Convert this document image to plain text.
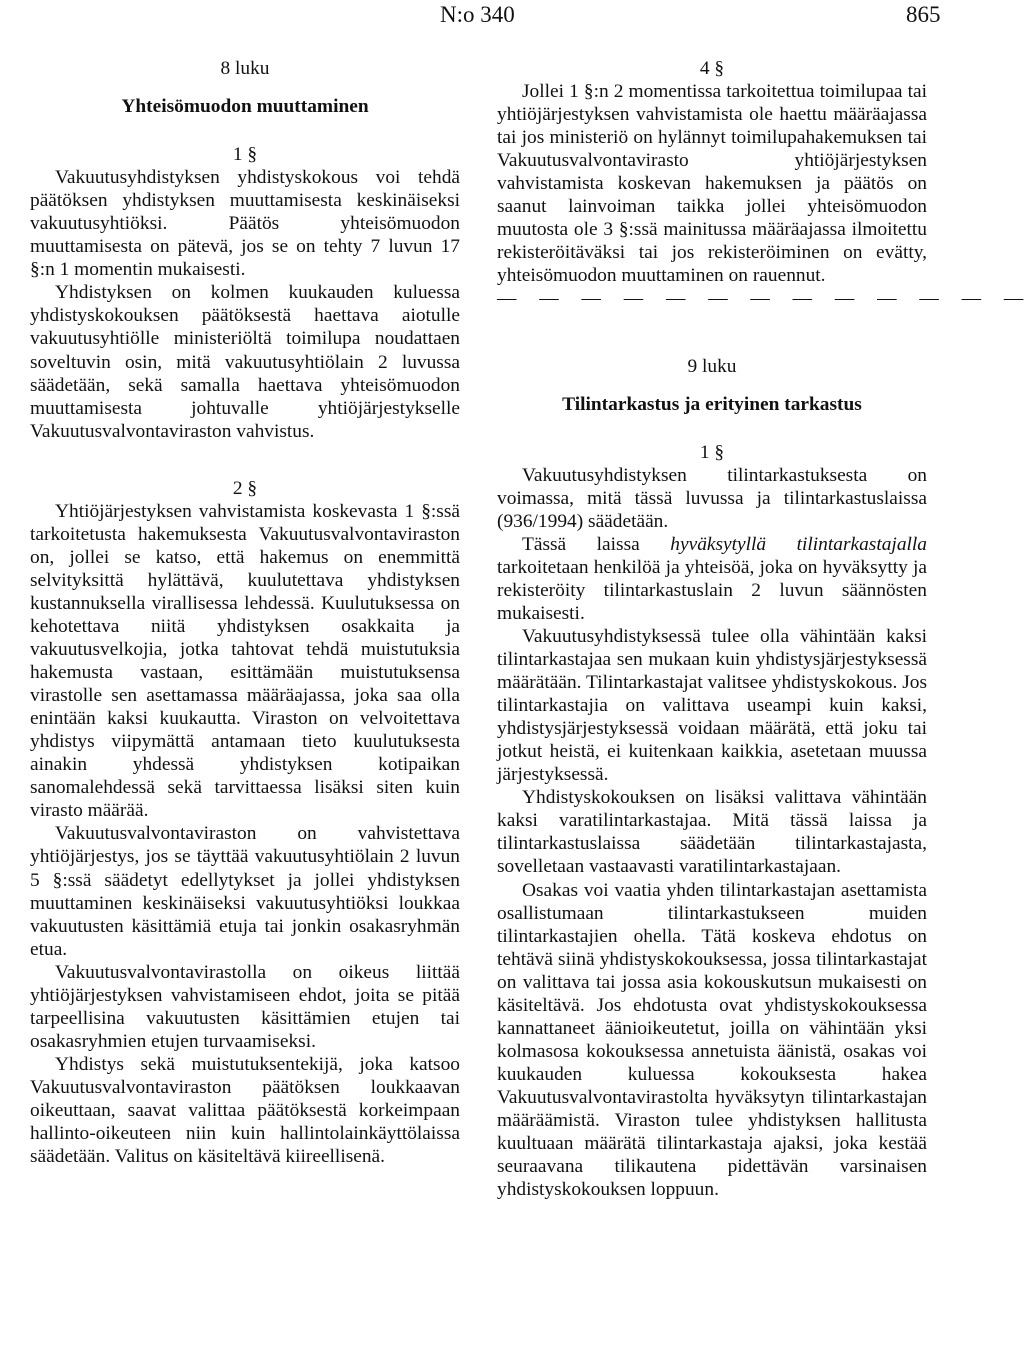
N:o 340	865
8 luku
Yhteisömuodon muuttaminen
1 §

Vakuutusyhdistyksen yhdistyskokous voi tehdä päätöksen yhdistyksen muuttamisesta keskinäiseksi vakuutusyhtiöksi. Päätös yhteisömuodon muuttamisesta on pätevä, jos se on tehty 7 luvun 17 §:n 1 momentin mukaisesti.

Yhdistyksen on kolmen kuukauden kuluessa yhdistyskokouksen päätöksestä haettava aiotulle vakuutusyhtiölle ministeriöltä toimilupa noudattaen soveltuvin osin, mitä vakuutusyhtiölain 2 luvussa säädetään, sekä samalla haettava yhteisömuodon muuttamisesta johtuvalle yhtiöjärjestykselle Vakuutusvalvontaviraston vahvistus.

2 §

Yhtiöjärjestyksen vahvistamista koskevasta 1 §:ssä tarkoitetusta hakemuksesta Vakuutusvalvontaviraston on, jollei se katso, että hakemus on enemmittä selvityksittä hylättävä, kuulutettava yhdistyksen kustannuksella virallisessa lehdessä. Kuulutuksessa on kehotettava niitä yhdistyksen osakkaita ja vakuutusvelkojia, jotka tahtovat tehdä muistutuksia hakemusta vastaan, esittämään muistutuksensa virastolle sen asettamassa määräajassa, joka saa olla enintään kaksi kuukautta. Viraston on velvoitettava yhdistys viipymättä antamaan tieto kuulutuksesta ainakin yhdessä yhdistyksen kotipaikan sanomalehdessä sekä tarvittaessa lisäksi siten kuin virasto määrää.

Vakuutusvalvontaviraston on vahvistettava yhtiöjärjestys, jos se täyttää vakuutusyhtiölain 2 luvun 5 §:ssä säädetyt edellytykset ja jollei yhdistyksen muuttaminen keskinäiseksi vakuutusyhtiöksi loukkaa vakuutusten käsittämiä etuja tai jonkin osakasryhmän etua.

Vakuutusvalvontavirastolla on oikeus liittää yhtiöjärjestyksen vahvistamiseen ehdot, joita se pitää tarpeellisina vakuutusten käsittämien etujen tai osakasryhmien etujen turvaamiseksi.

Yhdistys sekä muistutuksentekijä, joka katsoo Vakuutusvalvontaviraston päätöksen loukkaavan oikeuttaan, saavat valittaa päätöksestä korkeimpaan hallinto-oikeuteen niin kuin hallintolainkäyttölaissa säädetään. Valitus on käsiteltävä kiireellisenä.

4 §

Jollei 1 §:n 2 momentissa tarkoitettua toimilupaa tai yhtiöjärjestyksen vahvistamista ole haettu määräajassa tai jos ministeriö on hylännyt toimilupahakemuksen tai Vakuutusvalvontavirasto yhtiöjärjestyksen vahvistamista koskevan hakemuksen ja päätös on saanut lainvoiman taikka jollei yhteisömuodon muutosta ole 3 §:ssä mainitussa määräajassa ilmoitettu rekisteröitäväksi tai jos rekisteröiminen on evätty, yhteisömuodon muuttaminen on rauennut.

— — — — — — — — — — — — —

9 luku
Tilintarkastus ja erityinen tarkastus
1 §

Vakuutusyhdistyksen tilintarkastuksesta on voimassa, mitä tässä luvussa ja tilintarkastuslaissa (936/1994) säädetään.

Tässä laissa hyväksytyllä tilintarkastajalla tarkoitetaan henkilöä ja yhteisöä, joka on hyväksytty ja rekisteröity tilintarkastuslain 2 luvun säännösten mukaisesti.

Vakuutusyhdistyksessä tulee olla vähintään kaksi tilintarkastajaa sen mukaan kuin yhdistysjärjestyksessä määrätään. Tilintarkastajat valitsee yhdistyskokous. Jos tilintarkastajia on valittava useampi kuin kaksi, yhdistysjärjestyksessä voidaan määrätä, että joku tai jotkut heistä, ei kuitenkaan kaikkia, asetetaan muussa järjestyksessä.

Yhdistyskokouksen on lisäksi valittava vähintään kaksi varatilintarkastajaa. Mitä tässä laissa ja tilintarkastuslaissa säädetään tilintarkastajasta, sovelletaan vastaavasti varatilintarkastajaan.

Osakas voi vaatia yhden tilintarkastajan asettamista osallistumaan tilintarkastukseen muiden tilintarkastajien ohella. Tätä koskeva ehdotus on tehtävä siinä yhdistyskokouksessa, jossa tilintarkastajat on valittava tai jossa asia kokouskutsun mukaisesti on käsiteltävä. Jos ehdotusta ovat yhdistyskokouksessa kannattaneet äänioikeutetut, joilla on vähintään yksi kolmasosa kokouksessa annetuista äänistä, osakas voi kuukauden kuluessa kokouksesta hakea Vakuutusvalvontavirastolta hyväksytyn tilintarkastajan määräämistä. Viraston tulee yhdistyksen hallitusta kuultuaan määrätä tilintarkastaja ajaksi, joka kestää seuraavana tilikautena pidettävän varsinaisen yhdistyskokouksen loppuun.
